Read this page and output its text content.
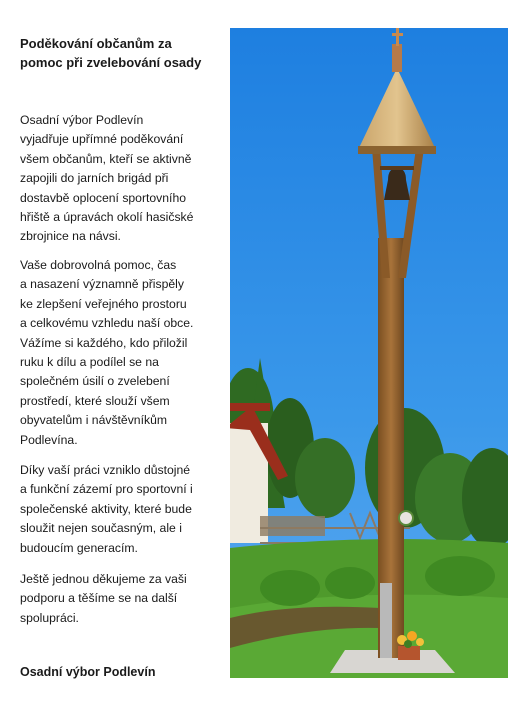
Poděkování občanům za

pomoc při zvelebování osady

Osadní výbor Podlevín

vyjadřuje upřímné poděkování

všem občanům, kteří se aktivně

zapojili do jarních brigád při

dostavbě oplocení sportovního

hřiště a úpravách okolí hasičské

zbrojnice na návsi.

Vaše dobrovolná pomoc, čas

a nasazení významně přispěly

ke zlepšení veřejného prostoru

a celkovému vzhledu naší obce.

Vážíme si každého, kdo přiložil

ruku k dílu a podílel se na

společném úsilí o zvelebení

prostředí, které slouží všem

obyvatelům i návštěvníkům

Podlevína.

Díky vaší práci vzniklo důstojné

a funkční zázemí pro sportovní i

společenské aktivity, které bude

sloužit nejen současným, ale i

budoucím generacím.

Ještě jednou děkujeme za vaši

podporu a těšíme se na další

spolupráci.

Osadní výbor Podlevín
